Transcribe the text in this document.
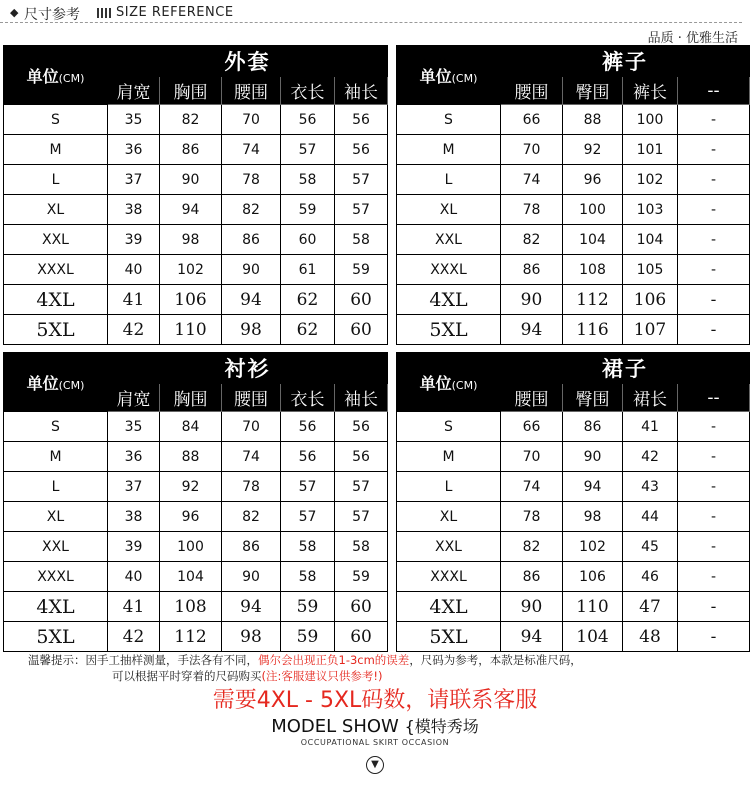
◆ 尺寸参考	SIZE REFERENCE
品质 · 优雅生活
单位(CM)	外套				
	肩宽	胸围	腰围	衣长	袖长
S	35	82	70	56	56
M	36	86	74	57	56
L	37	90	78	58	57
XL	38	94	82	59	57
XXL	39	98	86	60	58
XXXL	40	102	90	61	59
4XL	41	106	94	62	60
5XL	42	110	98	62	60
单位(CM)	裤子			
	腰围	臀围	裤长	--
S	66	88	100	-
M	70	92	101	-
L	74	96	102	-
XL	78	100	103	-
XXL	82	104	104	-
XXXL	86	108	105	-
4XL	90	112	106	-
5XL	94	116	107	-
单位(CM)	衬衫				
	肩宽	胸围	腰围	衣长	袖长
S	35	84	70	56	56
M	36	88	74	56	56
L	37	92	78	57	57
XL	38	96	82	57	57
XXL	39	100	86	58	58
XXXL	40	104	90	58	59
4XL	41	108	94	59	60
5XL	42	112	98	59	60
单位(CM)	裙子			
	腰围	臀围	裙长	--
S	66	86	41	-
M	70	90	42	-
L	74	94	43	-
XL	78	98	44	-
XXL	82	102	45	-
XXXL	86	106	46	-
4XL	90	110	47	-
5XL	94	104	48	-
温馨提示：因手工抽样测量，手法各有不同，偶尔会出现正负1-3cm的误差，尺码为参考，本款是标准尺码，
可以根据平时穿着的尺码购买(注:客服建议只供参考!)
需要4XL - 5XL码数，请联系客服
MODEL SHOW {模特秀场
OCCUPATIONAL SKIRT OCCASION
▼
